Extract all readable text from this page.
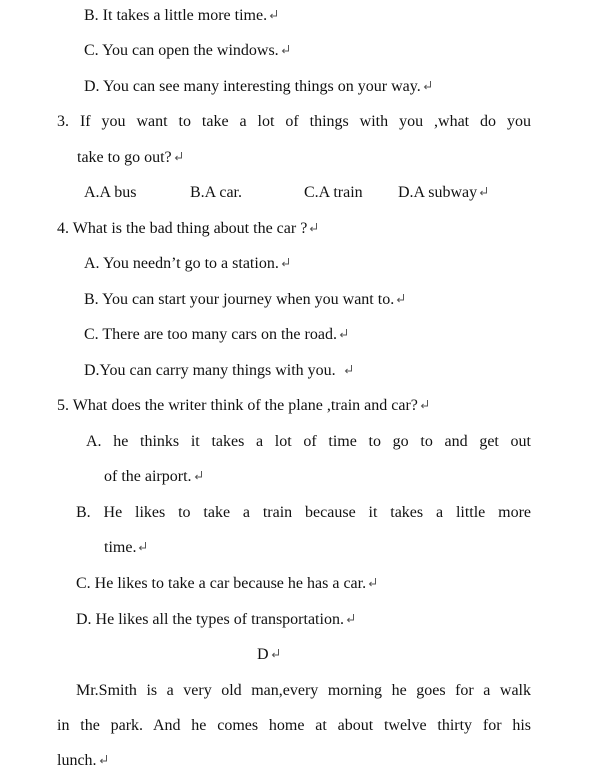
B. It takes a little more time.
C. You can open the windows.
D. You can see many interesting things on your way.
3. If you want to take a lot of things with you ,what do you
take to go out?
A.A bus	B.A car.	C.A train D.A subway
4. What is the bad thing about the car ?
A. You needn’t go to a station.
B. You can start your journey when you want to.
C. There are too many cars on the road.
D.You can carry many things with you.
5. What does the writer think of the plane ,train and car?
A. he thinks it takes a lot of time to go to and get out
of the airport.
B. He likes to take a train because it takes a little more
time.
C. He likes to take a car because he has a car.
D. He likes all the types of transportation.
D
Mr.Smith is a very old man,every morning he goes for a walk
in the park. And he comes home at about twelve thirty for his
lunch.
